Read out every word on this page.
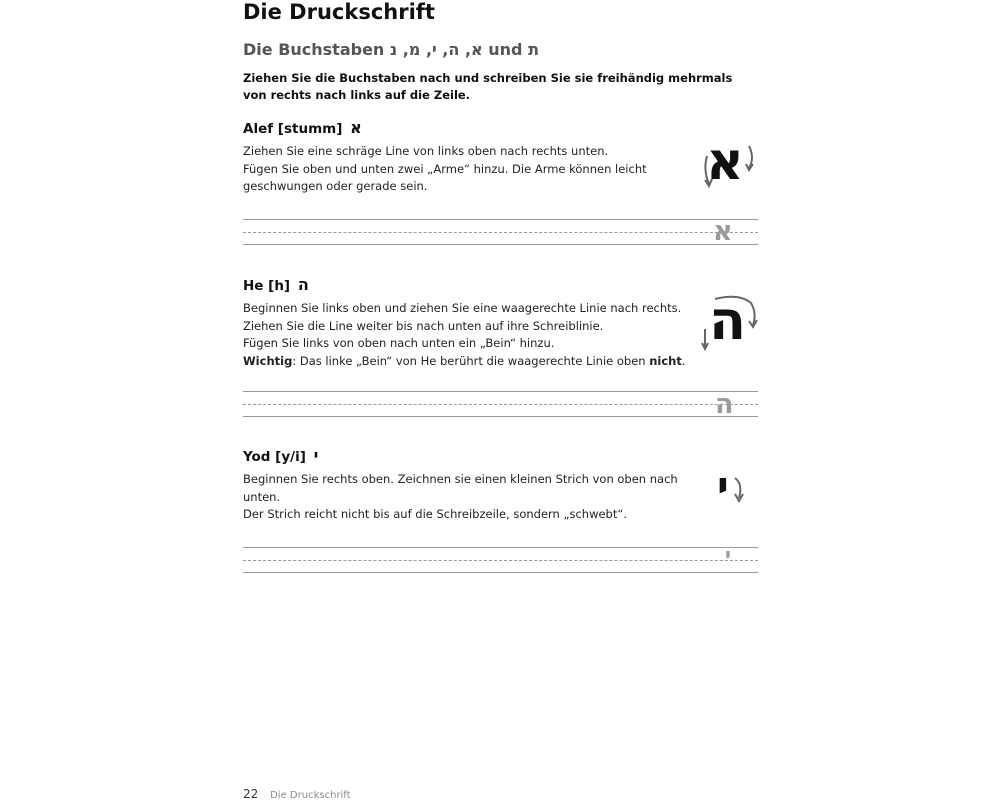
Die Druckschrift
Die Buchstaben א, ה, י, מ, נ und ת

Ziehen Sie die Buchstaben nach und schreiben Sie sie freihändig mehrmals von rechts nach links auf die Zeile.

Alef [stumm] א

Ziehen Sie eine schräge Line von links oben nach rechts unten.

Fügen Sie oben und unten zwei „Arme“ hinzu. Die Arme können leicht geschwungen oder gerade sein.	א
א
He [h] ה

Beginnen Sie links oben und ziehen Sie eine waagerechte Linie nach rechts.

Ziehen Sie die Line weiter bis nach unten auf ihre Schreiblinie.

Fügen Sie links von oben nach unten ein „Bein“ hinzu.

Wichtig: Das linke „Bein“ von He berührt die waagerechte Linie oben nicht.

ה
ה
Yod [y/i] י

Beginnen Sie rechts oben. Zeichnen sie einen kleinen Strich von oben nach unten.

Der Strich reicht nicht bis auf die Schreibzeile, sondern „schwebt“.

י
י
22 Die Druckschrift
